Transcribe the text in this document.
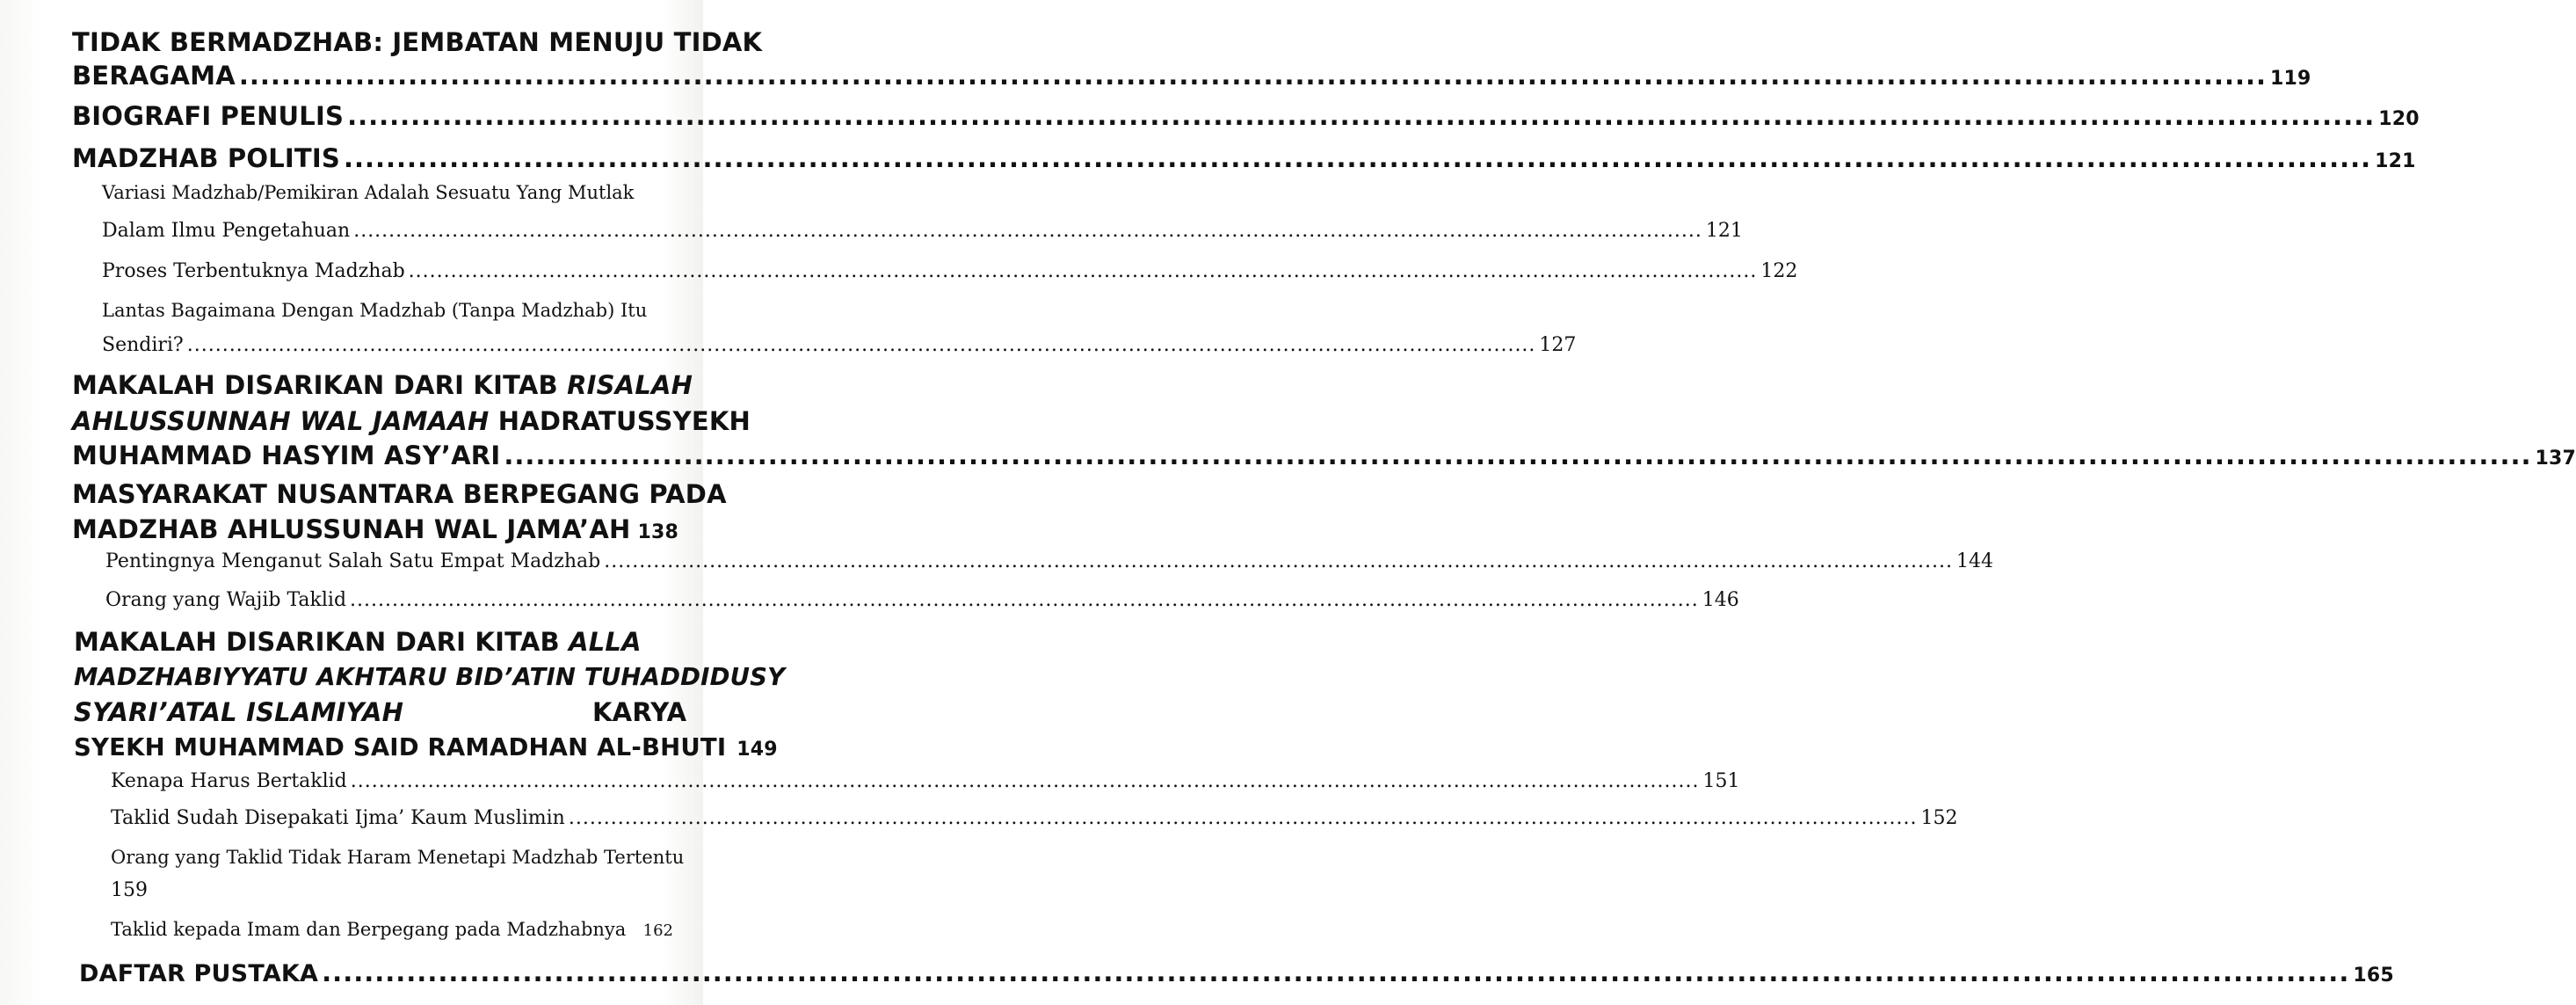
TIDAK BERMADZHAB: JEMBATAN MENUJU TIDAK
BERAGAMA .....	119
BIOGRAFI PENULIS .....	120
MADZHAB POLITIS .....	121
Variasi Madzhab/Pemikiran Adalah Sesuatu Yang Mutlak
Dalam Ilmu Pengetahuan .....	121
Proses Terbentuknya Madzhab .....	122
Lantas Bagaimana Dengan Madzhab (Tanpa Madzhab) Itu
Sendiri? .....	127
MAKALAH DISARIKAN DARI KITAB RISALAH
AHLUSSUNNAH WAL JAMAAH HADRATUSSYEKH
MUHAMMAD HASYIM ASY’ARI .....	137
MASYARAKAT NUSANTARA BERPEGANG PADA
MADZHAB AHLUSSUNAH WAL JAMA’AH 138
Pentingnya Menganut Salah Satu Empat Madzhab .....	144
Orang yang Wajib Taklid .....	146
MAKALAH DISARIKAN DARI KITAB ALLA
MADZHABIYYATU AKHTARU BID’ATIN TUHADDIDUSY
SYARI’ATAL ISLAMIYAH	KARYA
SYEKH MUHAMMAD SAID RAMADHAN AL-BHUTI 149
Kenapa Harus Bertaklid .....	151
Taklid Sudah Disepakati Ijma’ Kaum Muslimin .....	152
Orang yang Taklid Tidak Haram Menetapi Madzhab Tertentu
159
Taklid kepada Imam dan Berpegang pada Madzhabnya 162
DAFTAR PUSTAKA .....	165
